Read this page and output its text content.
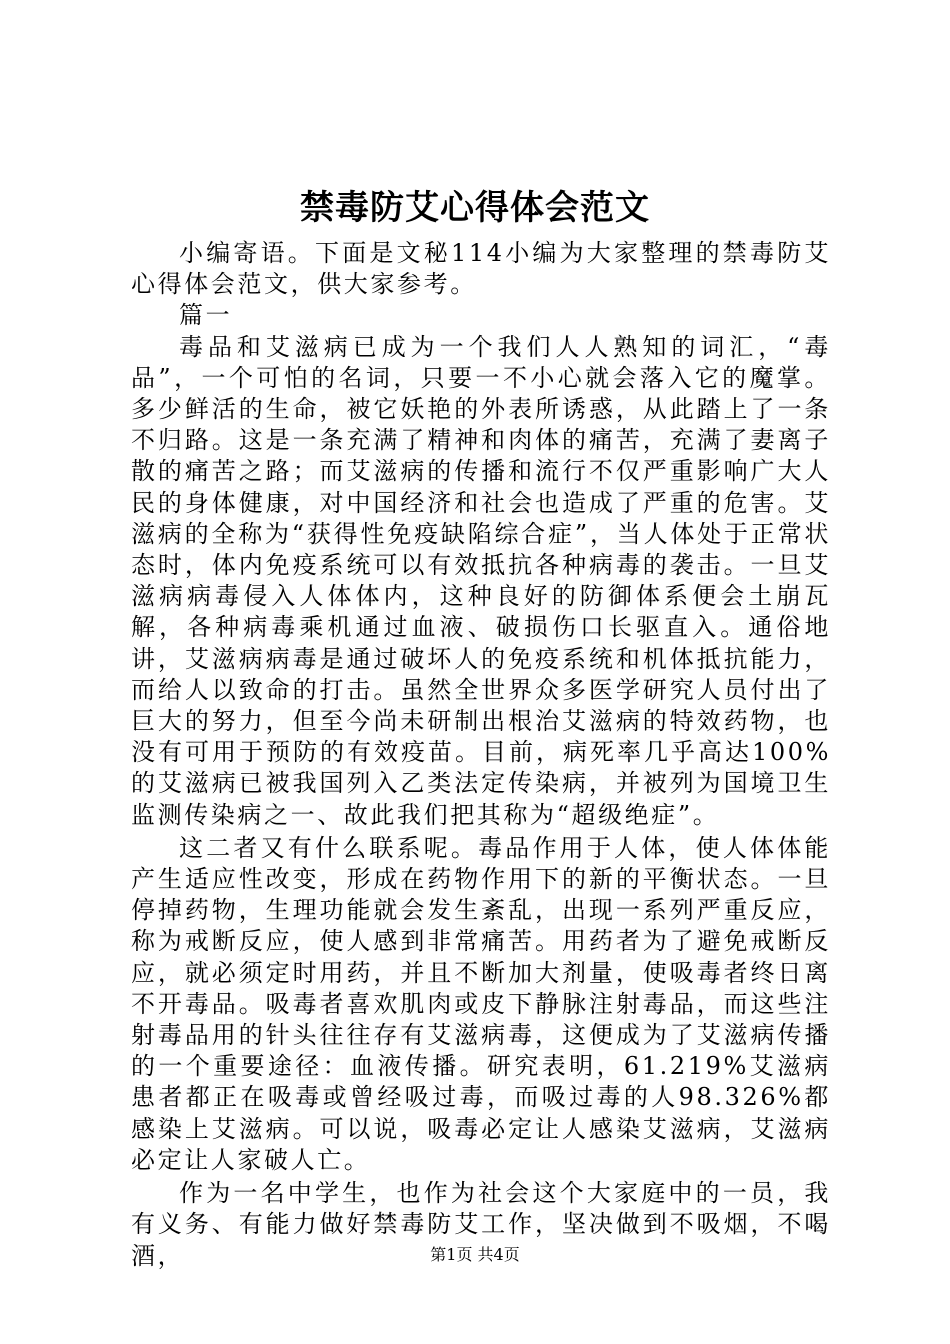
禁毒防艾心得体会范文

小编寄语。下面是文秘114小编为大家整理的禁毒防艾心得体会范文，供大家参考。

篇一

毒品和艾滋病已成为一个我们人人熟知的词汇，“毒品”，一个可怕的名词，只要一不小心就会落入它的魔掌。多少鲜活的生命，被它妖艳的外表所诱惑，从此踏上了一条不归路。这是一条充满了精神和肉体的痛苦，充满了妻离子散的痛苦之路；而艾滋病的传播和流行不仅严重影响广大人民的身体健康，对中国经济和社会也造成了严重的危害。艾滋病的全称为“获得性免疫缺陷综合症”，当人体处于正常状态时，体内免疫系统可以有效抵抗各种病毒的袭击。一旦艾滋病病毒侵入人体体内，这种良好的防御体系便会土崩瓦解，各种病毒乘机通过血液、破损伤口长驱直入。通俗地讲，艾滋病病毒是通过破坏人的免疫系统和机体抵抗能力，而给人以致命的打击。虽然全世界众多医学研究人员付出了巨大的努力，但至今尚未研制出根治艾滋病的特效药物，也没有可用于预防的有效疫苗。目前，病死率几乎高达100%的艾滋病已被我国列入乙类法定传染病，并被列为国境卫生监测传染病之一、故此我们把其称为“超级绝症”。

这二者又有什么联系呢。毒品作用于人体，使人体体能产生适应性改变，形成在药物作用下的新的平衡状态。一旦停掉药物，生理功能就会发生紊乱，出现一系列严重反应，称为戒断反应，使人感到非常痛苦。用药者为了避免戒断反应，就必须定时用药，并且不断加大剂量，使吸毒者终日离不开毒品。吸毒者喜欢肌肉或皮下静脉注射毒品，而这些注射毒品用的针头往往存有艾滋病毒，这便成为了艾滋病传播的一个重要途径：血液传播。研究表明，61.219%艾滋病患者都正在吸毒或曾经吸过毒，而吸过毒的人98.326%都感染上艾滋病。可以说，吸毒必定让人感染艾滋病，艾滋病必定让人家破人亡。

作为一名中学生，也作为社会这个大家庭中的一员，我有义务、有能力做好禁毒防艾工作，坚决做到不吸烟，不喝酒，	第1页 共4页
